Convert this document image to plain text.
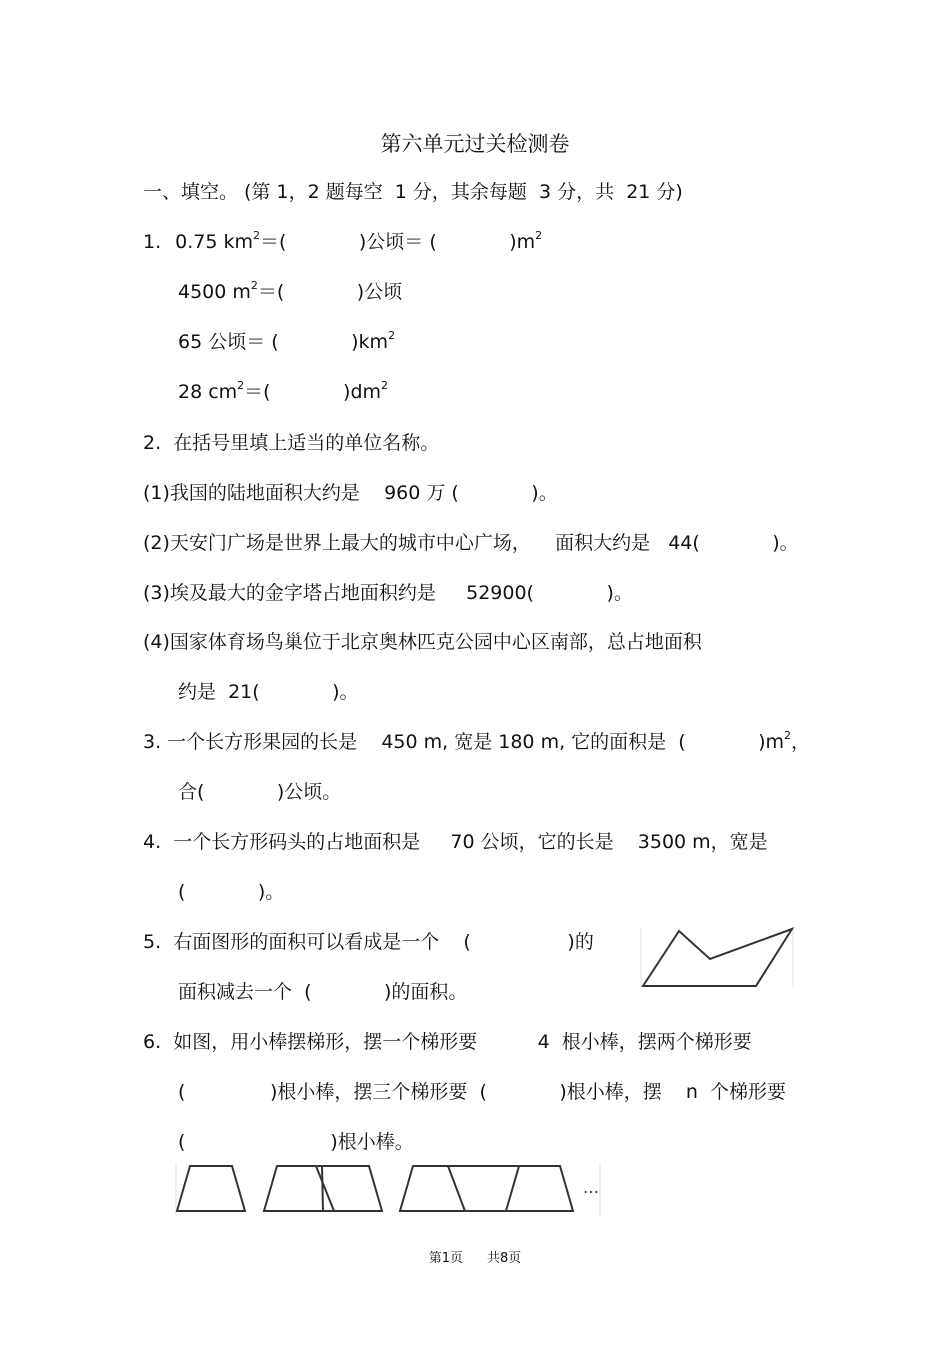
第六单元过关检测卷
一、填空。 (第 1，2 题每空  1 分，其余每题  3 分，共  21 分)
1. 0.75 $km^2=$(            )公顷＝ (            )$m^2$
4500 $m^2=$(            )公顷
65 公顷＝ (            )$km^2$
28 $cm^2=$(            )$dm^2$
2.  在括号里填上适当的单位名称。
(1)我国的陆地面积大约是    960 万 (            )。
(2)天安门广场是世界上最大的城市中心广场，    面积大约是   44(            )。
(3)埃及最大的金字塔占地面积约是     52900(            )。
(4)国家体育场鸟巢位于北京奥林匹克公园中心区南部，总占地面积
约是  21(            )。
3. 一个长方形果园的长是    450 m, 宽是 180 m, 它的面积是  (            )$m^2$，
合(            )公顷。
4.  一个长方形码头的占地面积是     70 公顷，它的长是    3500 m，宽是
(            )。
5.  右面图形的面积可以看成是一个    (                )的
面积减去一个  (            )的面积。
6.  如图，用小棒摆梯形，摆一个梯形要          4  根小棒，摆两个梯形要
(              )根小棒，摆三个梯形要  (            )根小棒，摆    n  个梯形要
(                        )根小棒。
…
第1页 共8页
